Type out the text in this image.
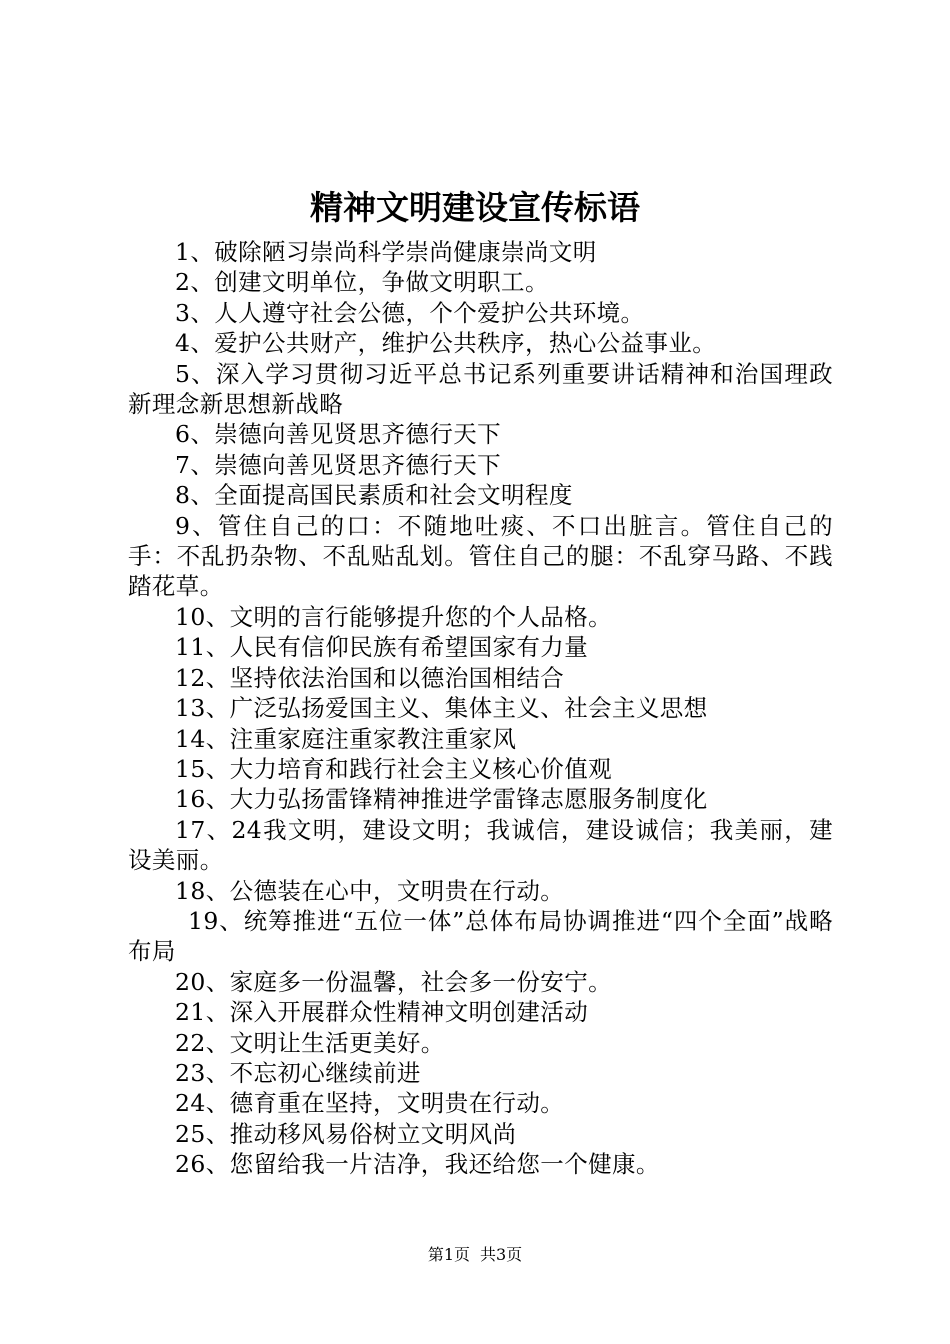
精神文明建设宣传标语

1、破除陋习崇尚科学崇尚健康崇尚文明

2、创建文明单位，争做文明职工。

3、人人遵守社会公德，个个爱护公共环境。

4、爱护公共财产，维护公共秩序，热心公益事业。

5、深入学习贯彻习近平总书记系列重要讲话精神和治国理政新理念新思想新战略

6、崇德向善见贤思齐德行天下

7、崇德向善见贤思齐德行天下

8、全面提高国民素质和社会文明程度

9、管住自己的口：不随地吐痰、不口出脏言。管住自己的手：不乱扔杂物、不乱贴乱划。管住自己的腿：不乱穿马路、不践踏花草。

10、文明的言行能够提升您的个人品格。

11、人民有信仰民族有希望国家有力量

12、坚持依法治国和以德治国相结合

13、广泛弘扬爱国主义、集体主义、社会主义思想

14、注重家庭注重家教注重家风

15、大力培育和践行社会主义核心价值观

16、大力弘扬雷锋精神推进学雷锋志愿服务制度化

17、24我文明，建设文明；我诚信，建设诚信；我美丽，建设美丽。

18、公德装在心中，文明贵在行动。

19、统筹推进“五位一体”总体布局协调推进“四个全面”战略布局

20、家庭多一份温馨，社会多一份安宁。

21、深入开展群众性精神文明创建活动

22、文明让生活更美好。

23、不忘初心继续前进

24、德育重在坚持，文明贵在行动。

25、推动移风易俗树立文明风尚

26、您留给我一片洁净，我还给您一个健康。

第1页 共3页
